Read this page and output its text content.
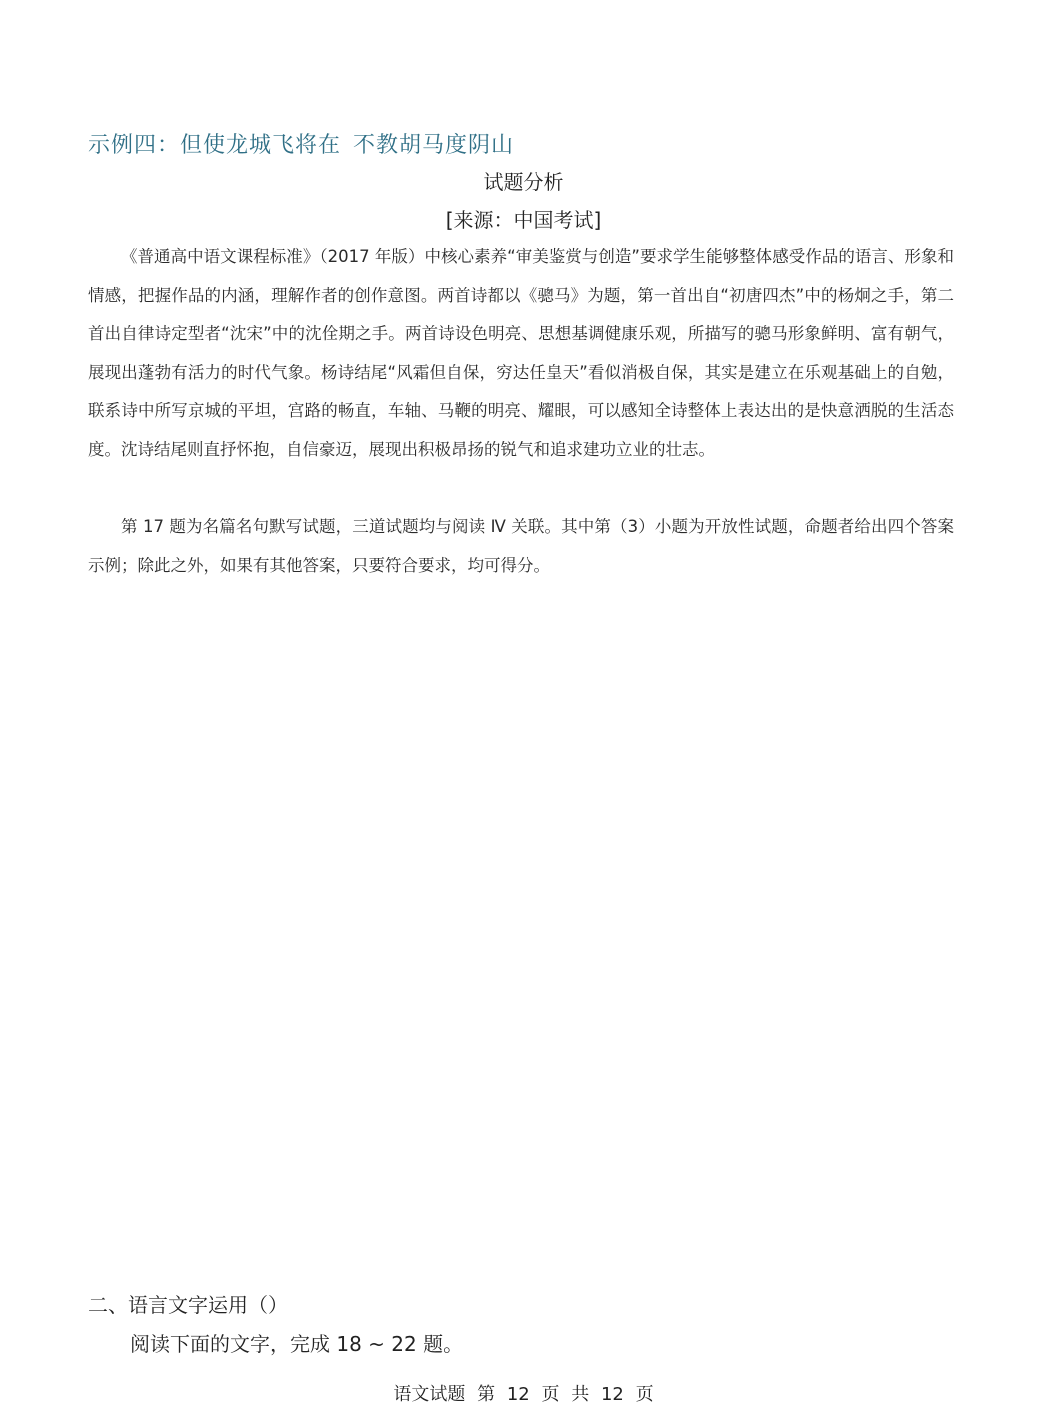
示例四：但使龙城飞将在 不教胡马度阴山
试题分析
[来源：中国考试]

《普通高中语文课程标准》（2017 年版）中核心素养“审美鉴赏与创造”要求学生能够整体感受作品的语言、形象和情感，把握作品的内涵，理解作者的创作意图。两首诗都以《骢马》为题，第一首出自“初唐四杰”中的杨炯之手，第二首出自律诗定型者“沈宋”中的沈佺期之手。两首诗设色明亮、思想基调健康乐观，所描写的骢马形象鲜明、富有朝气，展现出蓬勃有活力的时代气象。杨诗结尾“风霜但自保，穷达任皇天”看似消极自保，其实是建立在乐观基础上的自勉，联系诗中所写京城的平坦，宫路的畅直，车轴、马鞭的明亮、耀眼，可以感知全诗整体上表达出的是快意洒脱的生活态度。沈诗结尾则直抒怀抱，自信豪迈，展现出积极昂扬的锐气和追求建功立业的壮志。

第 17 题为名篇名句默写试题，三道试题均与阅读 Ⅳ 关联。其中第（3）小题为开放性试题，命题者给出四个答案示例；除此之外，如果有其他答案，只要符合要求，均可得分。

二、语言文字运用（）
阅读下面的文字，完成 18 ~ 22 题。
语文试题 第 12 页 共 12 页
